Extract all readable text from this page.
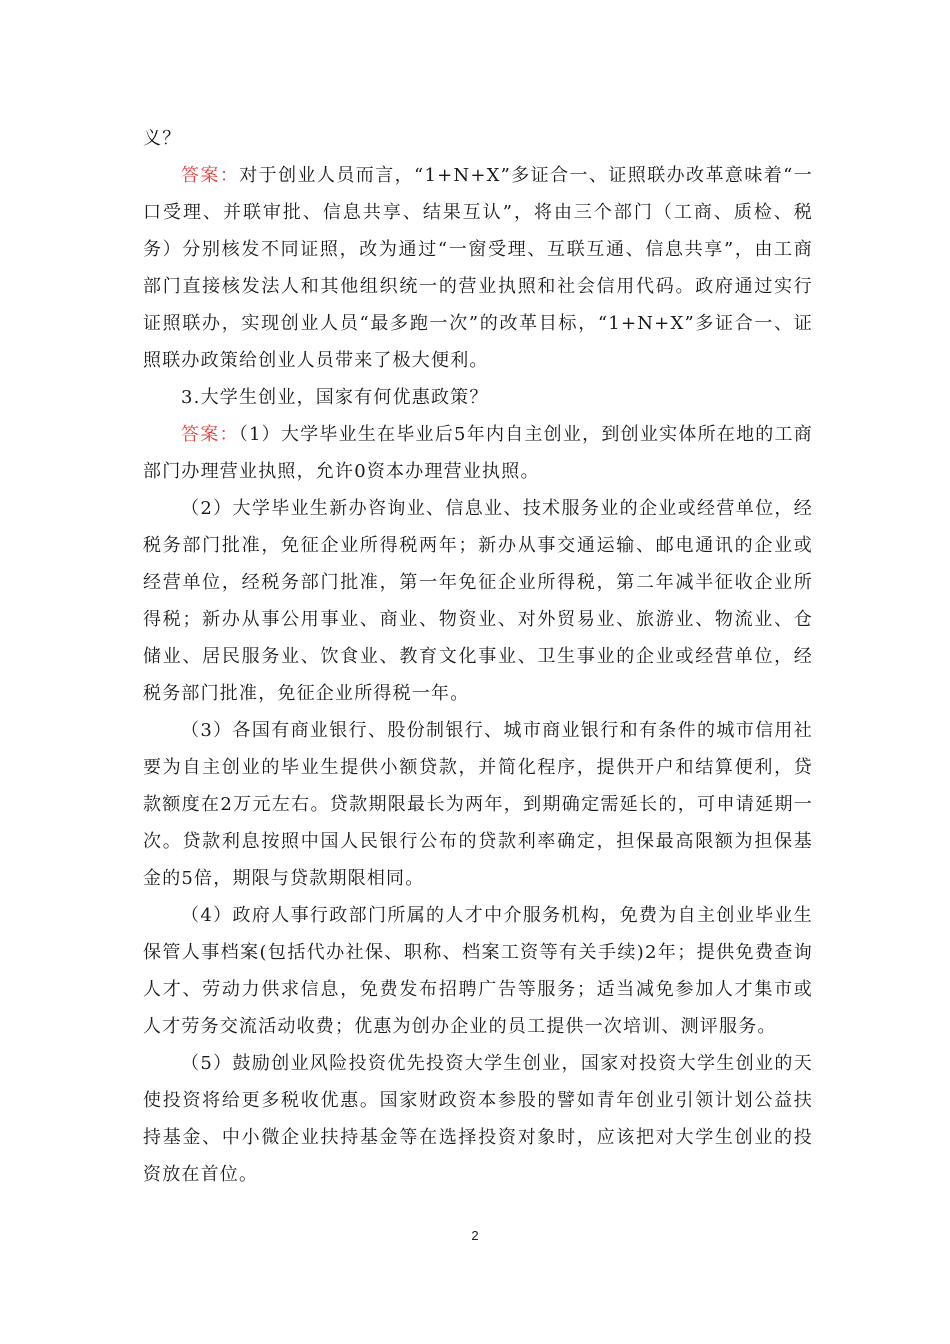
义？

答案：对于创业人员而言，“1+N+X”多证合一、证照联办改革意味着“一口受理、并联审批、信息共享、结果互认”，将由三个部门（工商、质检、税务）分别核发不同证照，改为通过“一窗受理、互联互通、信息共享”，由工商部门直接核发法人和其他组织统一的营业执照和社会信用代码。政府通过实行证照联办，实现创业人员“最多跑一次”的改革目标，“1+N+X”多证合一、证照联办政策给创业人员带来了极大便利。

3.大学生创业，国家有何优惠政策？

答案：（1）大学毕业生在毕业后5年内自主创业，到创业实体所在地的工商部门办理营业执照，允许0资本办理营业执照。

（2）大学毕业生新办咨询业、信息业、技术服务业的企业或经营单位，经税务部门批准，免征企业所得税两年；新办从事交通运输、邮电通讯的企业或经营单位，经税务部门批准，第一年免征企业所得税，第二年减半征收企业所得税；新办从事公用事业、商业、物资业、对外贸易业、旅游业、物流业、仓储业、居民服务业、饮食业、教育文化事业、卫生事业的企业或经营单位，经税务部门批准，免征企业所得税一年。

（3）各国有商业银行、股份制银行、城市商业银行和有条件的城市信用社要为自主创业的毕业生提供小额贷款，并简化程序，提供开户和结算便利，贷款额度在2万元左右。贷款期限最长为两年，到期确定需延长的，可申请延期一次。贷款利息按照中国人民银行公布的贷款利率确定，担保最高限额为担保基金的5倍，期限与贷款期限相同。

（4）政府人事行政部门所属的人才中介服务机构，免费为自主创业毕业生保管人事档案(包括代办社保、职称、档案工资等有关手续)2年；提供免费查询人才、劳动力供求信息，免费发布招聘广告等服务；适当减免参加人才集市或人才劳务交流活动收费；优惠为创办企业的员工提供一次培训、测评服务。

（5）鼓励创业风险投资优先投资大学生创业，国家对投资大学生创业的天使投资将给更多税收优惠。国家财政资本参股的譬如青年创业引领计划公益扶持基金、中小微企业扶持基金等在选择投资对象时，应该把对大学生创业的投资放在首位。

2
